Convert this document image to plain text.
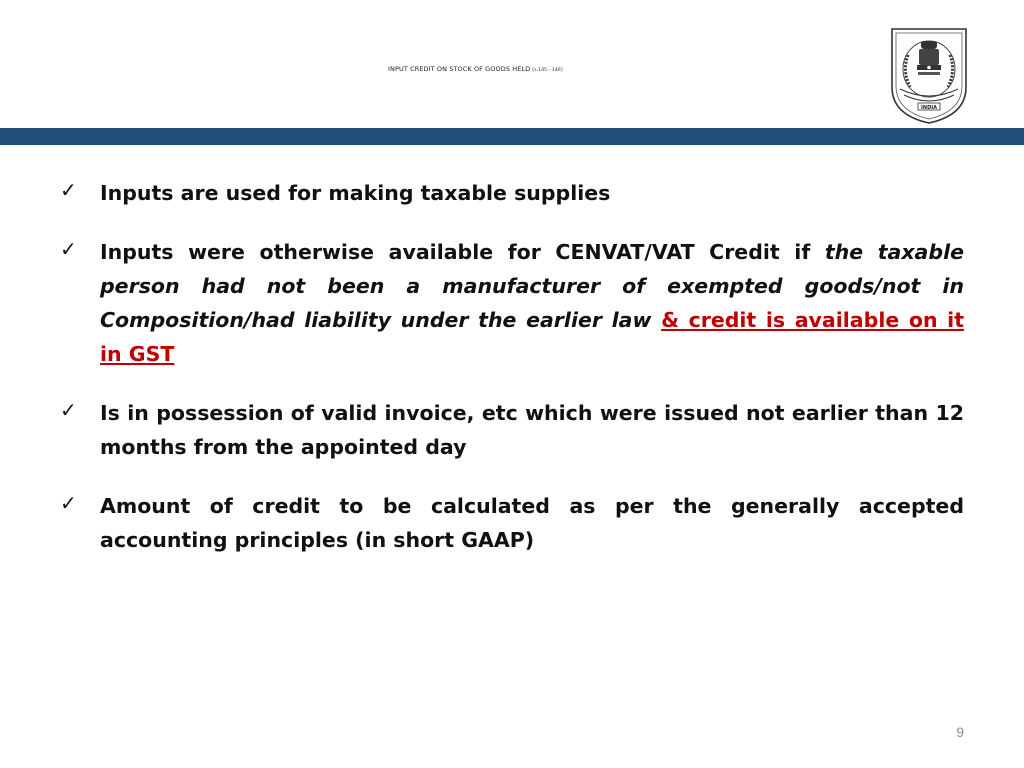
INPUT CREDIT ON STOCK OF GOODS HELD [s.145 - 146]
INDIA
✓	Inputs are used for making taxable supplies
✓	Inputs were otherwise available for CENVAT/VAT Credit if the taxable person had not been a manufacturer of exempted goods/not in Composition/had liability under the earlier law & credit is available on it in GST
✓	Is in possession of valid invoice, etc which were issued not earlier than 12 months from the appointed day
✓	Amount of credit to be calculated as per the generally accepted accounting principles (in short GAAP)
9
